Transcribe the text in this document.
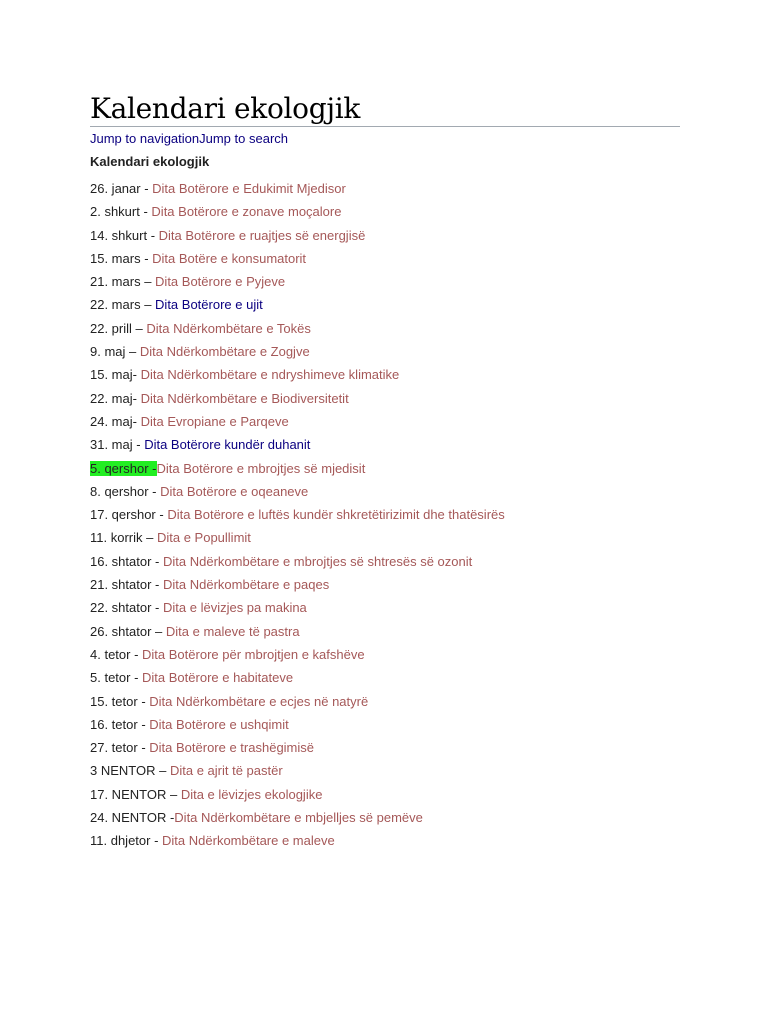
Kalendari ekologjik
Jump to navigationJump to search
Kalendari ekologjik
26. janar - Dita Botërore e Edukimit Mjedisor
2. shkurt - Dita Botërore e zonave moçalore
14. shkurt - Dita Botërore e ruajtjes së energjisë
15. mars - Dita Botëre e konsumatorit
21. mars – Dita Botërore e Pyjeve
22. mars – Dita Botërore e ujit
22. prill – Dita Ndërkombëtare e Tokës
9. maj – Dita Ndërkombëtare e Zogjve
15. maj- Dita Ndërkombëtare e ndryshimeve klimatike
22. maj- Dita Ndërkombëtare e Biodiversitetit
24. maj- Dita Evropiane e Parqeve
31. maj - Dita Botërore kundër duhanit
5. qershor -Dita Botërore e mbrojtjes së mjedisit
8. qershor - Dita Botërore e oqeaneve
17. qershor - Dita Botërore e luftës kundër shkretëtirizimit dhe thatësirës
11. korrik – Dita e Popullimit
16. shtator - Dita Ndërkombëtare e mbrojtjes së shtresës së ozonit
21. shtator - Dita Ndërkombëtare e paqes
22. shtator - Dita e lëvizjes pa makina
26. shtator – Dita e maleve të pastra
4. tetor - Dita Botërore për mbrojtjen e kafshëve
5. tetor - Dita Botërore e habitateve
15. tetor - Dita Ndërkombëtare e ecjes në natyrë
16. tetor - Dita Botërore e ushqimit
27. tetor - Dita Botërore e trashëgimisë
3 NENTOR – Dita e ajrit të pastër
17. NENTOR – Dita e lëvizjes ekologjike
24. NENTOR -Dita Ndërkombëtare e mbjelljes së pemëve
11. dhjetor - Dita Ndërkombëtare e maleve
